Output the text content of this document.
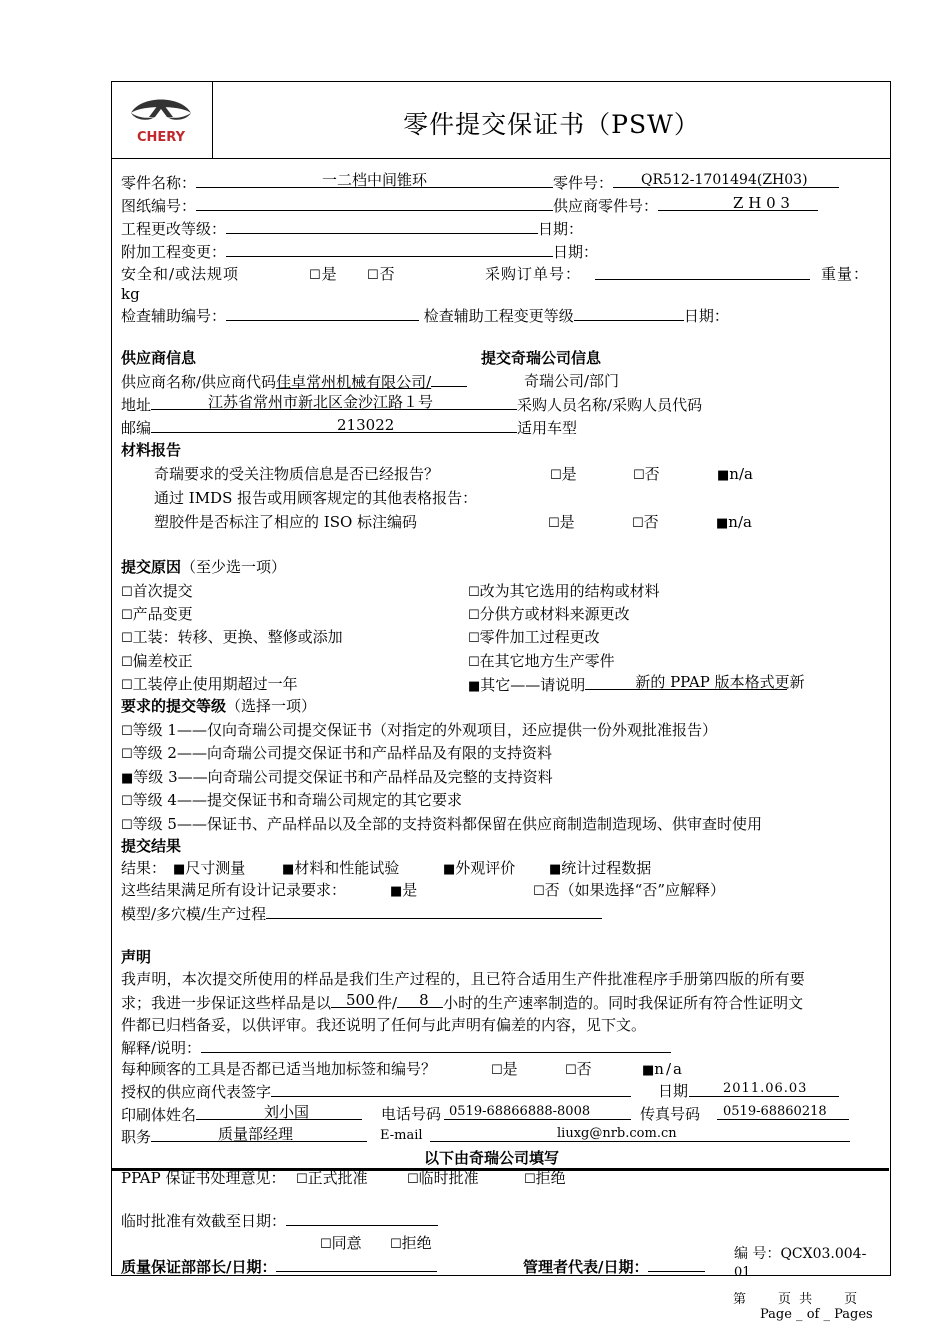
CHERY	零件提交保证书（PSW）
零件名称：	一二档中间锥环	零件号： QR512-1701494(ZH03)
图纸编号：	供应商零件号：	Z H 0 3
工程更改等级：	日期：
附加工程变更：	日期：
安全和/或法规项	☐是 ☐否	采购订单号：	重量：
kg
检查辅助编号：	检查辅助工程变更等级	日期：
供应商信息	提交奇瑞公司信息
供应商名称/供应商代码佳卓常州机械有限公司/	奇瑞公司/部门
地址	江苏省常州市新北区金沙江路１号	采购人员名称/采购人员代码
邮编	213022	适用车型
材料报告
奇瑞要求的受关注物质信息是否已经报告？	☐是	☐否	■n/a
通过 IMDS 报告或用顾客规定的其他表格报告：
塑胶件是否标注了相应的 ISO 标注编码	☐是	☐否	■n/a
提交原因（至少选一项）
☐首次提交
☐产品变更
☐工装：转移、更换、整修或添加
☐偏差校正
☐工装停止使用期超过一年
☐改为其它选用的结构或材料
☐分供方或材料来源更改
☐零件加工过程更改
☐在其它地方生产零件
■其它——请说明	新的 PPAP 版本格式更新
要求的提交等级（选择一项）
☐等级 1——仅向奇瑞公司提交保证书（对指定的外观项目，还应提供一份外观批准报告）
☐等级 2——向奇瑞公司提交保证书和产品样品及有限的支持资料
■等级 3——向奇瑞公司提交保证书和产品样品及完整的支持资料
☐等级 4——提交保证书和奇瑞公司规定的其它要求
☐等级 5——保证书、产品样品以及全部的支持资料都保留在供应商制造制造现场、供审查时使用
提交结果
结果： ■尺寸测量	■材料和性能试验	■外观评价	■统计过程数据
这些结果满足所有设计记录要求：	■是	☐否（如果选择“否”应解释）
模型/多穴模/生产过程
声明
我声明，本次提交所使用的样品是我们生产过程的，且已符合适用生产件批准程序手册第四版的所有要
求；我进一步保证这些样品是以 500 件/ 8 小时的生产速率制造的。同时我保证所有符合性证明文
件都已归档备妥，以供评审。我还说明了任何与此声明有偏差的内容，见下文。
解释/说明：
每种顾客的工具是否都已适当地加标签和编号？	☐是	☐否	■n/a
授权的供应商代表签字	日期	2011.06.03
印刷体姓名	刘小国	电话号码 0519-68866888-8008	传真号码 0519-68860218
职务	质量部经理	E-mail	liuxg@nrb.com.cn
以下由奇瑞公司填写
PPAP 保证书处理意见： ☐正式批准	☐临时批准	☐拒绝
临时批准有效截至日期：
☐同意 ☐拒绝
质量保证部部长/日期：	管理者代表/日期：
编 号：QCX03.004-
01
第　　页 共　　页
Page _ of _ Pages
